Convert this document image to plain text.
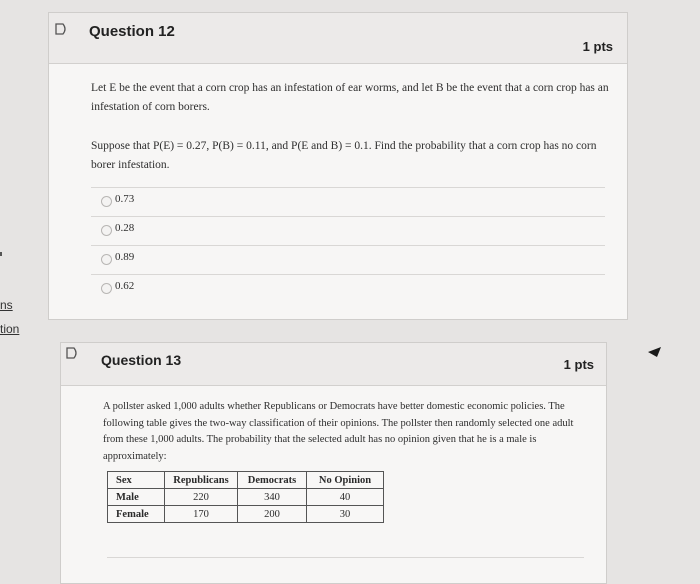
ns
tion
Question 12
1 pts
Let E be the event that a corn crop has an infestation of ear worms, and let B be the event that a corn crop has an infestation of corn borers.
Suppose that P(E) = 0.27, P(B) = 0.11, and P(E and B) = 0.1. Find the probability that a corn crop has no corn borer infestation.
0.73
0.28
0.89
0.62
Question 13	1 pts
A pollster asked 1,000 adults whether Republicans or Democrats have better domestic economic policies. The following table gives the two-way classification of their opinions. The pollster then randomly selected one adult from these 1,000 adults. The probability that the selected adult has no opinion given that he is a male is approximately:
Sex	Republicans	Democrats	No Opinion
Male	220	340	40
Female	170	200	30
